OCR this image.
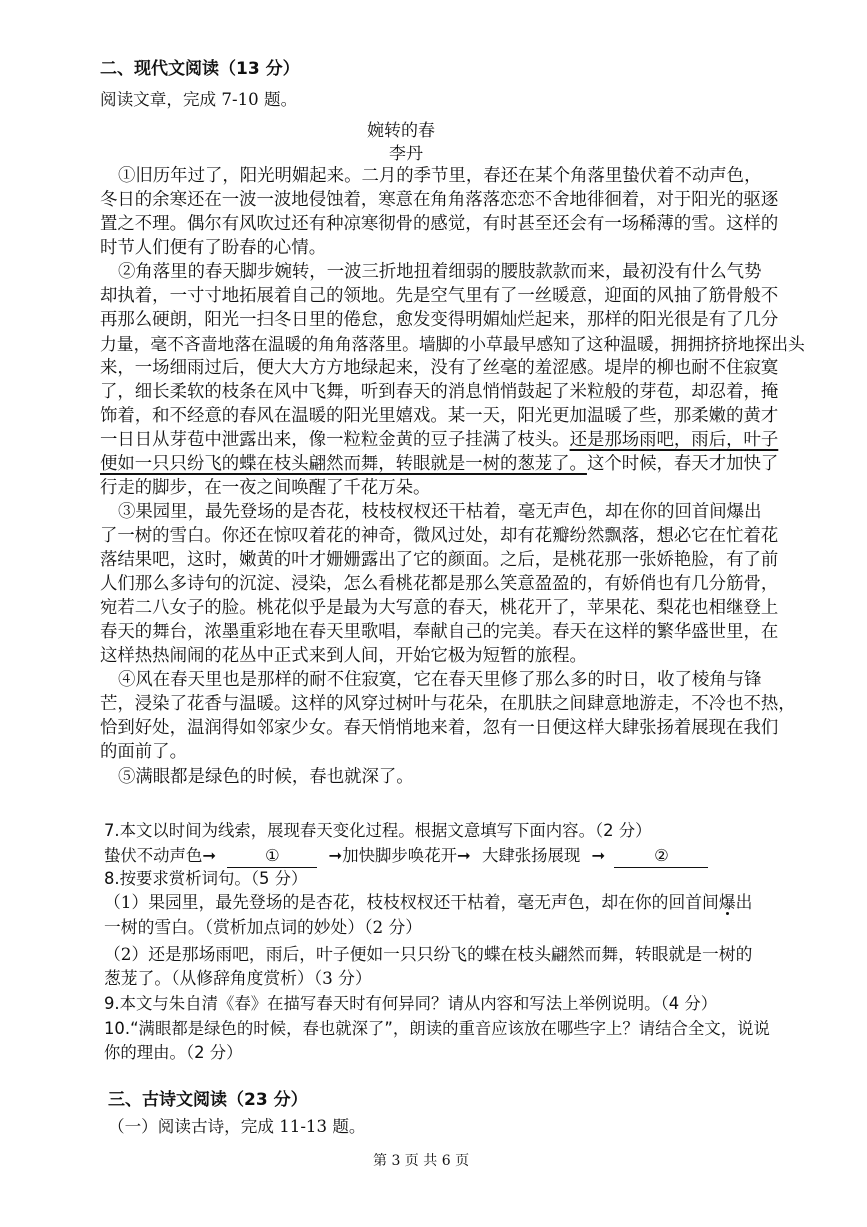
二、现代文阅读（13 分）
阅读文章，完成 7-10 题。
婉转的春
李丹
①旧历年过了，阳光明媚起来。二月的季节里，春还在某个角落里蛰伏着不动声色，
冬日的余寒还在一波一波地侵蚀着，寒意在角角落落恋恋不舍地徘徊着，对于阳光的驱逐
置之不理。偶尔有风吹过还有种凉寒彻骨的感觉，有时甚至还会有一场稀薄的雪。这样的
时节人们便有了盼春的心情。
②角落里的春天脚步婉转，一波三折地扭着细弱的腰肢款款而来，最初没有什么气势
却执着，一寸寸地拓展着自己的领地。先是空气里有了一丝暖意，迎面的风抽了筋骨般不
再那么硬朗，阳光一扫冬日里的倦怠，愈发变得明媚灿烂起来，那样的阳光很是有了几分
力量，毫不吝啬地落在温暖的角角落落里。墙脚的小草最早感知了这种温暖，拥拥挤挤地探出头
来，一场细雨过后，便大大方方地绿起来，没有了丝毫的羞涩感。堤岸的柳也耐不住寂寞
了，细长柔软的枝条在风中飞舞，听到春天的消息悄悄鼓起了米粒般的芽苞，却忍着，掩
饰着，和不经意的春风在温暖的阳光里嬉戏。某一天，阳光更加温暖了些，那柔嫩的黄才
一日日从芽苞中泄露出来，像一粒粒金黄的豆子挂满了枝头。还是那场雨吧，雨后，叶子
便如一只只纷飞的蝶在枝头翩然而舞，转眼就是一树的葱茏了。这个时候，春天才加快了
行走的脚步，在一夜之间唤醒了千花万朵。
③果园里，最先登场的是杏花，枝枝杈杈还干枯着，毫无声色，却在你的回首间爆出
了一树的雪白。你还在惊叹着花的神奇，微风过处，却有花瓣纷然飘落，想必它在忙着花
落结果吧，这时，嫩黄的叶才姗姗露出了它的颜面。之后，是桃花那一张娇艳脸，有了前
人们那么多诗句的沉淀、浸染，怎么看桃花都是那么笑意盈盈的，有娇俏也有几分筋骨，
宛若二八女子的脸。桃花似乎是最为大写意的春天，桃花开了，苹果花、梨花也相继登上
春天的舞台，浓墨重彩地在春天里歌唱，奉献自己的完美。春天在这样的繁华盛世里，在
这样热热闹闹的花丛中正式来到人间，开始它极为短暂的旅程。
④风在春天里也是那样的耐不住寂寞，它在春天里修了那么多的时日，收了棱角与锋
芒，浸染了花香与温暖。这样的风穿过树叶与花朵，在肌肤之间肆意地游走，不冷也不热，
恰到好处，温润得如邻家少女。春天悄悄地来着，忽有一日便这样大肆张扬着展现在我们
的面前了。
⑤满眼都是绿色的时候，春也就深了。
7.本文以时间为线索，展现春天变化过程。根据文意填写下面内容。（2 分）
蛰伏不动声色➞	①	➞加快脚步唤花开➞ 大肆张扬展现 ➞	②
8.按要求赏析词句。（5 分）
（1）果园里，最先登场的是杏花，枝枝杈杈还干枯着，毫无声色，却在你的回首间爆出
一树的雪白。（赏析加点词的妙处）（2 分）
（2）还是那场雨吧，雨后，叶子便如一只只纷飞的蝶在枝头翩然而舞，转眼就是一树的
葱茏了。（从修辞角度赏析）（3 分）
9.本文与朱自清《春》在描写春天时有何异同？请从内容和写法上举例说明。（4 分）
10.“满眼都是绿色的时候，春也就深了”，朗读的重音应该放在哪些字上？请结合全文，说说
你的理由。（2 分）
三、古诗文阅读（23 分）
（一）阅读古诗，完成 11-13 题。
第 3 页 共 6 页
